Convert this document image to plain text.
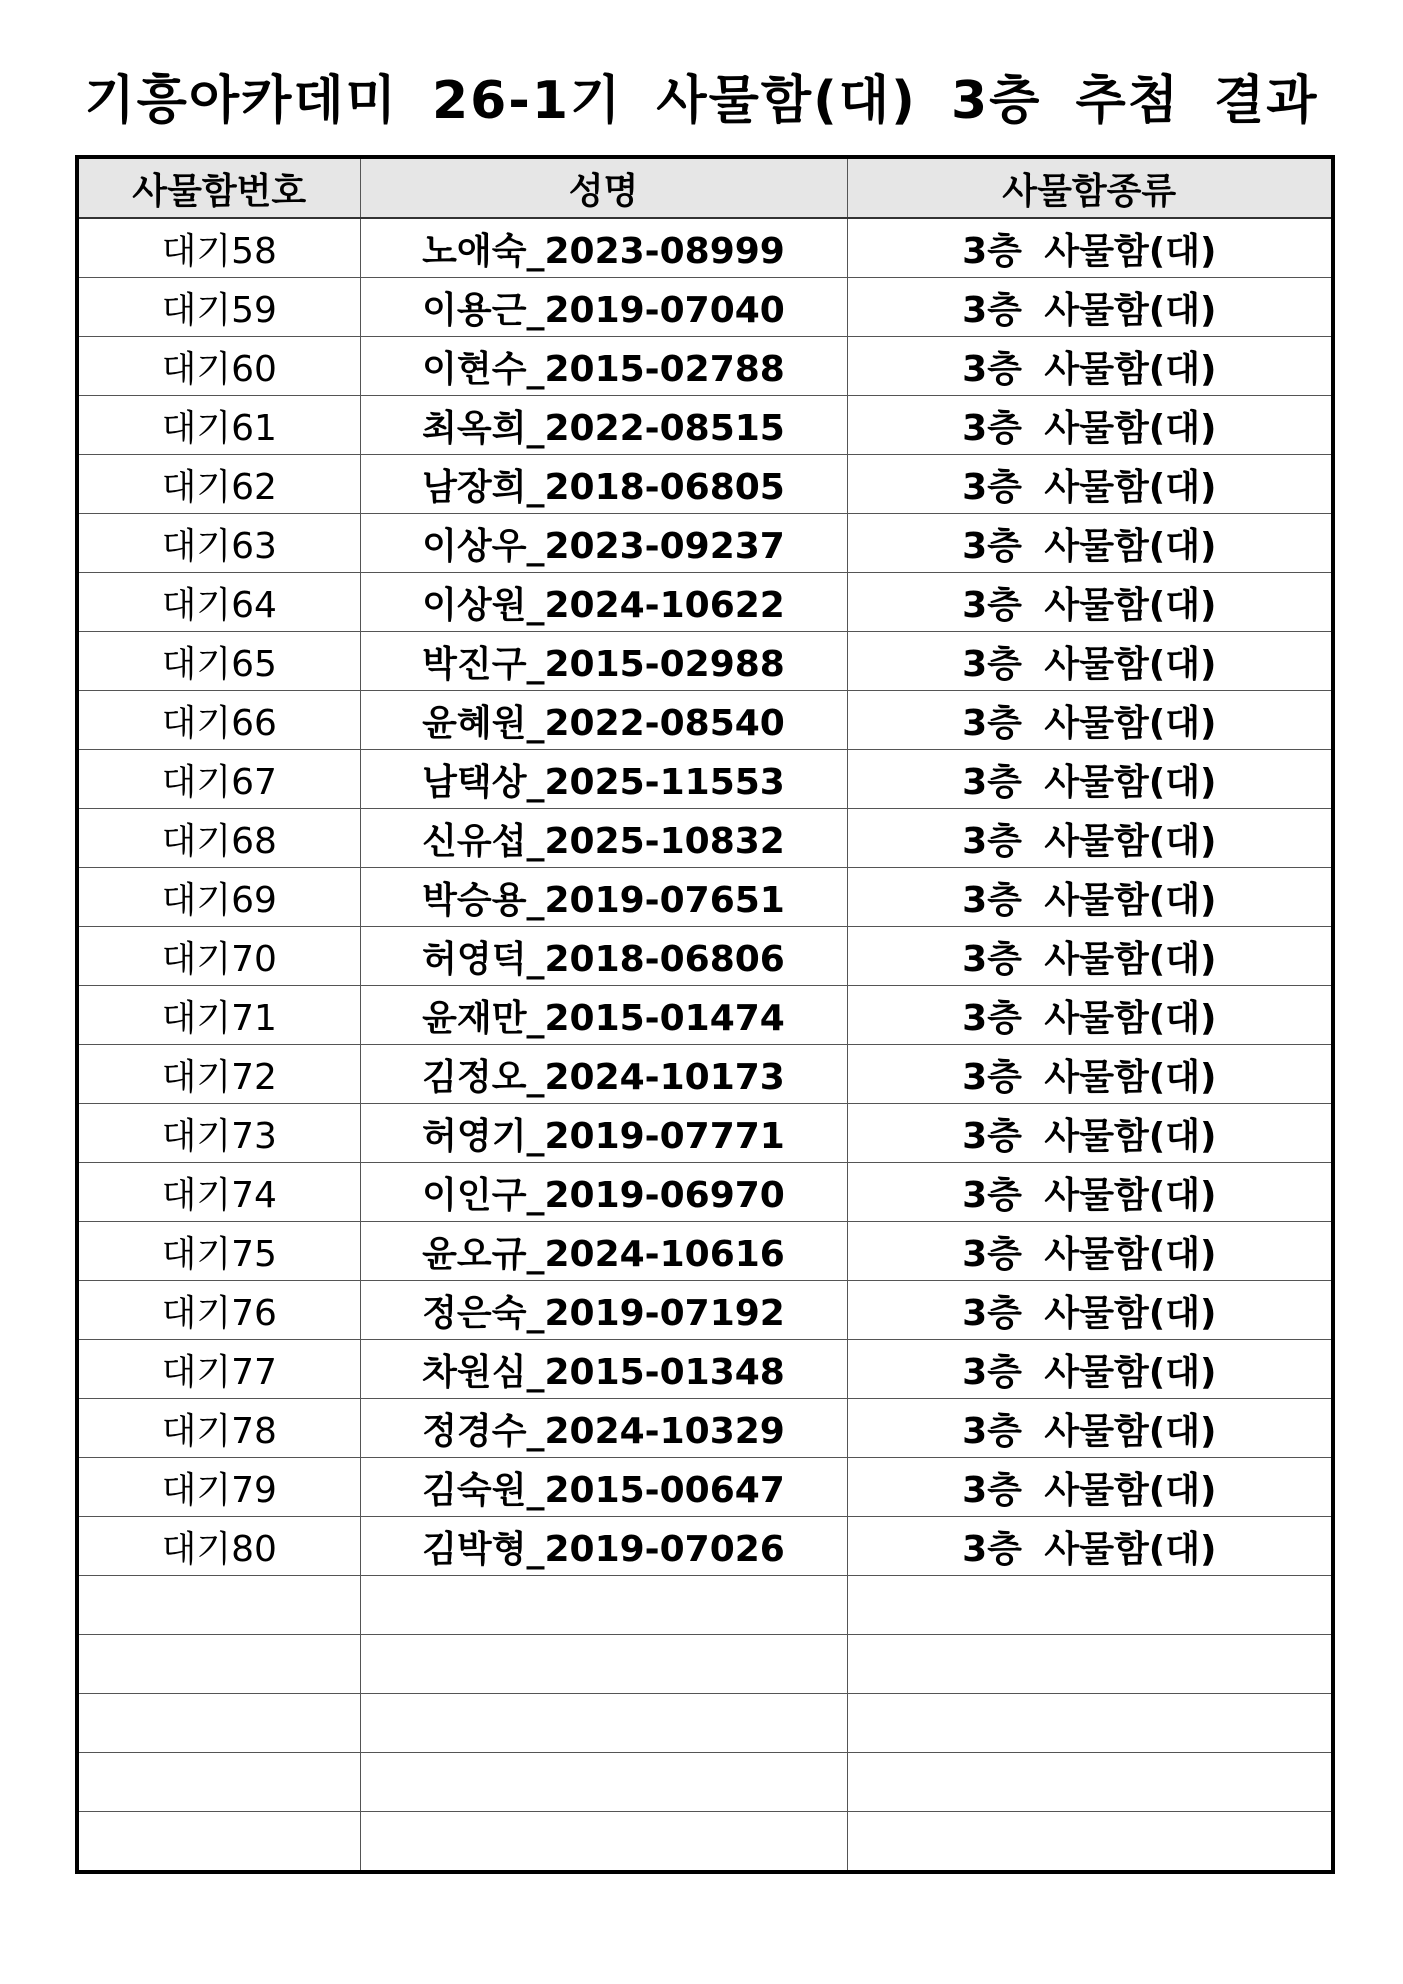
기흥아카데미 26-1기 사물함(대) 3층 추첨 결과
사물함번호	성명	사물함종류
대기58	노애숙_2023-08999	3층 사물함(대)
대기59	이용근_2019-07040	3층 사물함(대)
대기60	이현수_2015-02788	3층 사물함(대)
대기61	최옥희_2022-08515	3층 사물함(대)
대기62	남장희_2018-06805	3층 사물함(대)
대기63	이상우_2023-09237	3층 사물함(대)
대기64	이상원_2024-10622	3층 사물함(대)
대기65	박진구_2015-02988	3층 사물함(대)
대기66	윤혜원_2022-08540	3층 사물함(대)
대기67	남택상_2025-11553	3층 사물함(대)
대기68	신유섭_2025-10832	3층 사물함(대)
대기69	박승용_2019-07651	3층 사물함(대)
대기70	허영덕_2018-06806	3층 사물함(대)
대기71	윤재만_2015-01474	3층 사물함(대)
대기72	김정오_2024-10173	3층 사물함(대)
대기73	허영기_2019-07771	3층 사물함(대)
대기74	이인구_2019-06970	3층 사물함(대)
대기75	윤오규_2024-10616	3층 사물함(대)
대기76	정은숙_2019-07192	3층 사물함(대)
대기77	차원심_2015-01348	3층 사물함(대)
대기78	정경수_2024-10329	3층 사물함(대)
대기79	김숙원_2015-00647	3층 사물함(대)
대기80	김박형_2019-07026	3층 사물함(대)
